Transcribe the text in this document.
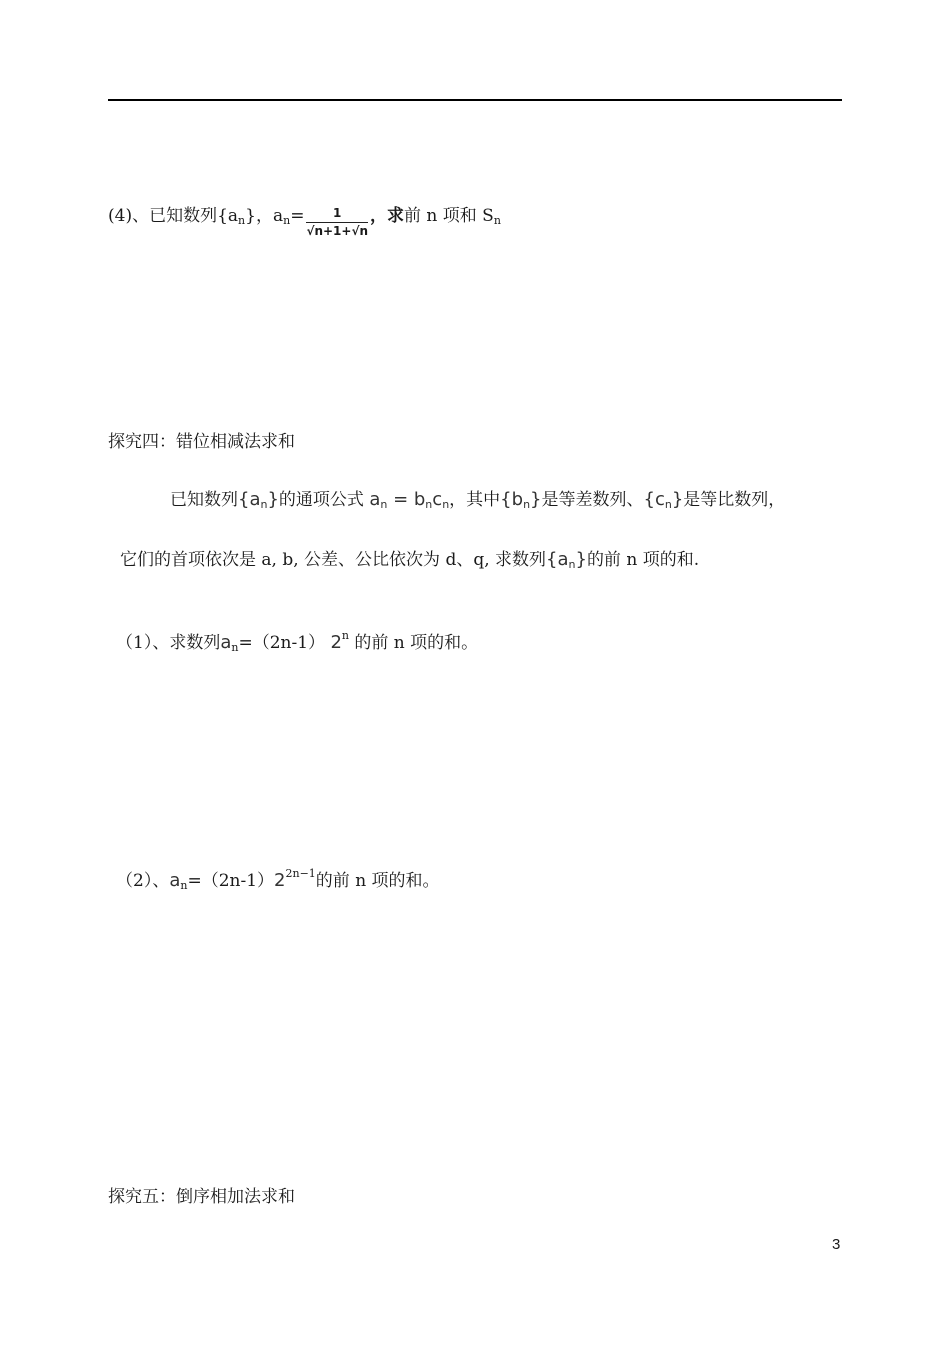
(4)、已知数列$\{a_n\}$，$a_n= \frac{1}{√n+1+√n}$ ，求前 n 项和 $S_n$
探究四：错位相减法求和
已知数列$\{a_n\}$的通项公式 $a_n = b_nc_n$，其中$\{b_n\}$是等差数列、$\{c_n\}$是等比数列，
它们的首项依次是 a, b, 公差、公比依次为 d、q, 求数列$\{a_n\}$的前 n 项的和.
（1）、求数列$a_n=(2n-1)$ 2$^n$ 的前 n 项的和。
（2）、$a_n=(2n-1)2^{2n-1}$的前 n 项的和。
探究五：倒序相加法求和
3
